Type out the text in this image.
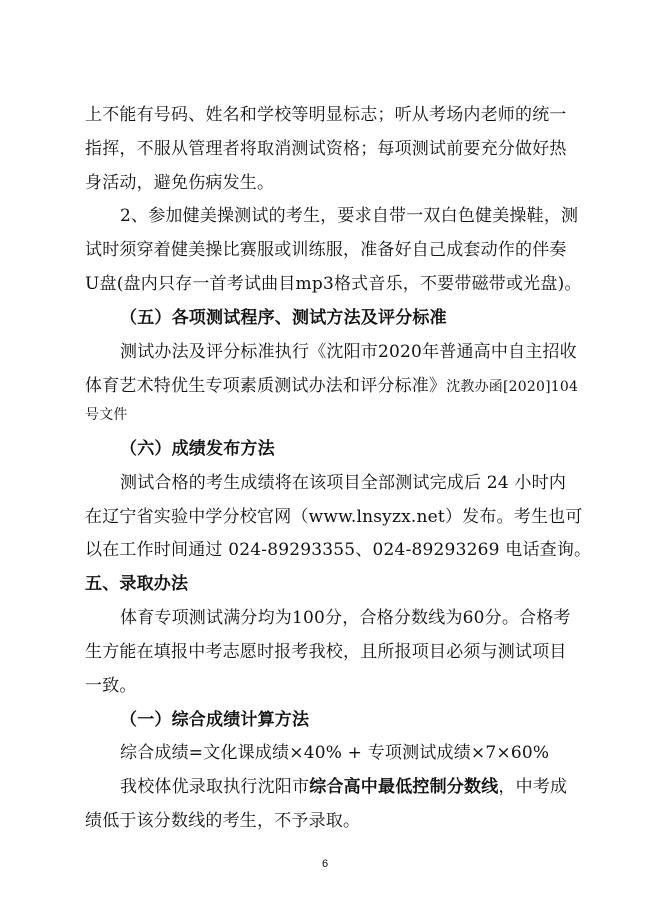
上不能有号码、姓名和学校等明显标志；听从考场内老师的统一
指挥，不服从管理者将取消测试资格；每项测试前要充分做好热
身活动，避免伤病发生。
2、参加健美操测试的考生，要求自带一双白色健美操鞋，测
试时须穿着健美操比赛服或训练服，准备好自己成套动作的伴奏
U盘(盘内只存一首考试曲目mp3格式音乐，不要带磁带或光盘)。
（五）各项测试程序、测试方法及评分标准
测试办法及评分标准执行《沈阳市2020年普通高中自主招收
体育艺术特优生专项素质测试办法和评分标准》沈教办函[2020]104
号文件
（六）成绩发布方法
测试合格的考生成绩将在该项目全部测试完成后 24 小时内
在辽宁省实验中学分校官网（www.lnsyzx.net）发布。考生也可
以在工作时间通过 024-89293355、024-89293269 电话查询。
五、录取办法
体育专项测试满分均为100分，合格分数线为60分。合格考
生方能在填报中考志愿时报考我校，且所报项目必须与测试项目
一致。
（一）综合成绩计算方法
综合成绩=文化课成绩×40% + 专项测试成绩×7×60%
我校体优录取执行沈阳市综合高中最低控制分数线，中考成
绩低于该分数线的考生，不予录取。
6
